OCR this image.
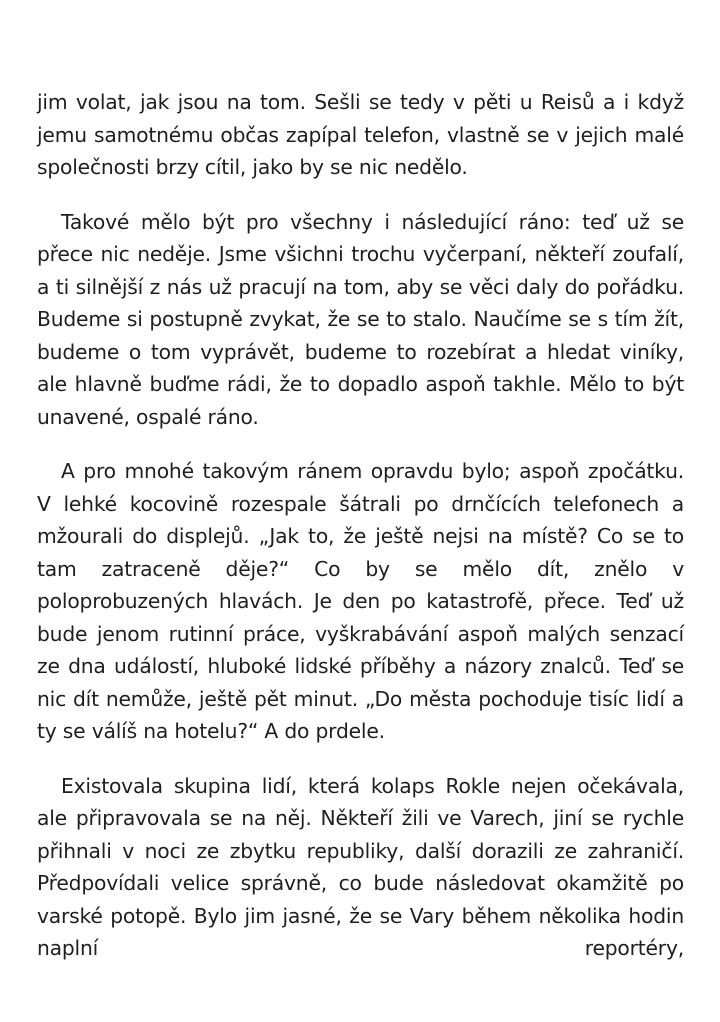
jim volat, jak jsou na tom. Sešli se tedy v pěti u Reisů a i když jemu samotnému občas zapípal telefon, vlastně se v jejich malé společnosti brzy cítil, jako by se nic nedělo.

Takové mělo být pro všechny i následující ráno: teď už se přece nic neděje. Jsme všichni trochu vyčerpaní, někteří zoufalí, a ti silnější z nás už pracují na tom, aby se věci daly do pořádku. Budeme si postupně zvykat, že se to stalo. Naučíme se s tím žít, budeme o tom vyprávět, budeme to rozebírat a hledat viníky, ale hlavně buďme rádi, že to dopadlo aspoň takhle. Mělo to být unavené, ospalé ráno.

A pro mnohé takovým ránem opravdu bylo; aspoň zpočátku. V lehké kocovině rozespale šátrali po drnčících telefonech a mžourali do displejů. „Jak to, že ještě nejsi na místě? Co se to tam zatraceně děje?“ Co by se mělo dít, znělo v poloprobuzených hlavách. Je den po katastrofě, přece. Teď už bude jenom rutinní práce, vyškrabávání aspoň malých senzací ze dna událostí, hluboké lidské příběhy a názory znalců. Teď se nic dít nemůže, ještě pět minut. „Do města pochoduje tisíc lidí a ty se válíš na hotelu?“ A do prdele.

Existovala skupina lidí, která kolaps Rokle nejen očekávala, ale připravovala se na něj. Někteří žili ve Varech, jiní se rychle přihnali v noci ze zbytku republiky, další dorazili ze zahraničí. Předpovídali velice správně, co bude následovat okamžitě po varské potopě. Bylo jim jasné, že se Vary během několika hodin naplní reportéry,
